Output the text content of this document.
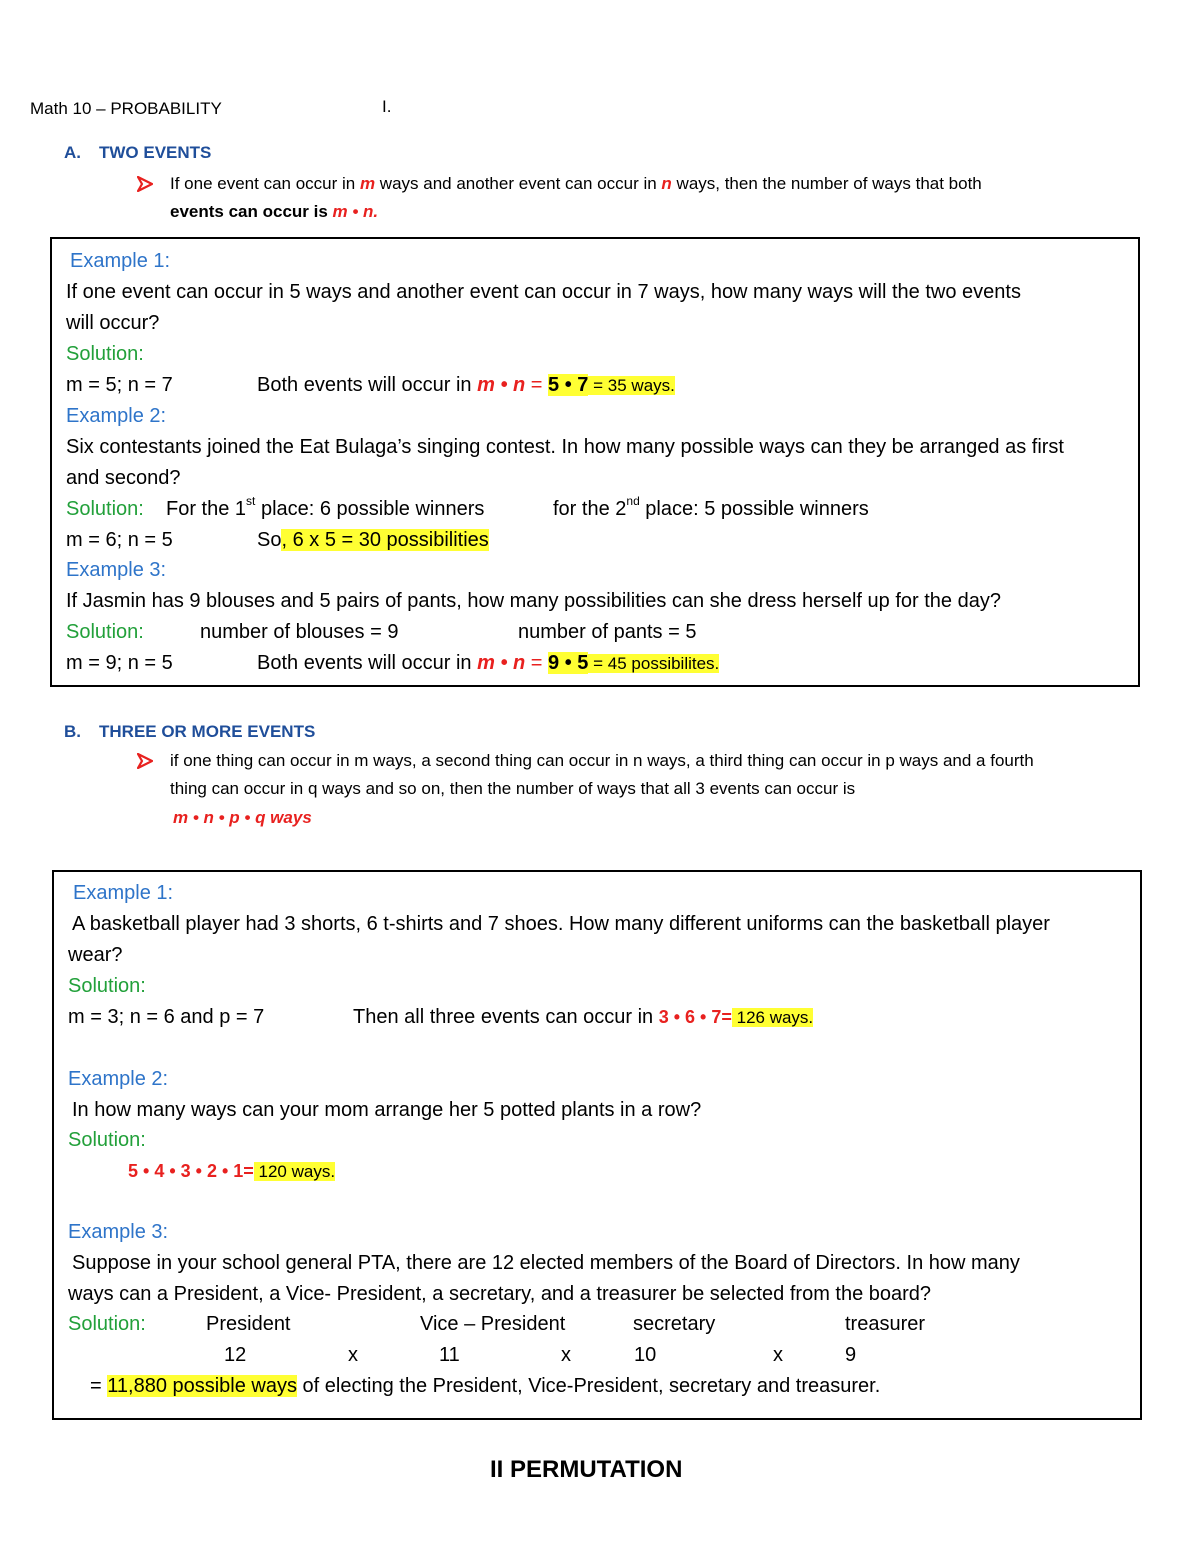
Math 10 – PROBABILITY	I.
A. TWO EVENTS
If one event can occur in m ways and another event can occur in n ways, then the number of ways that both
events can occur is m • n.
Example 1:
If one event can occur in 5 ways and another event can occur in 7 ways, how many ways will the two events
will occur?
Solution:
m = 5; n = 7	Both events will occur in m • n = 5 • 7 = 35 ways.
Example 2:
Six contestants joined the Eat Bulaga’s singing contest. In how many possible ways can they be arranged as first
and second?
Solution: For the 1st place: 6 possible winners	for the 2nd place: 5 possible winners
m = 6; n = 5	So, 6 x 5 = 30 possibilities
Example 3:
If Jasmin has 9 blouses and 5 pairs of pants, how many possibilities can she dress herself up for the day?
Solution:	number of blouses = 9	number of pants = 5
m = 9; n = 5	Both events will occur in m • n = 9 • 5 = 45 possibilites.
B. THREE OR MORE EVENTS
if one thing can occur in m ways, a second thing can occur in n ways, a third thing can occur in p ways and a fourth
thing can occur in q ways and so on, then the number of ways that all 3 events can occur is
m • n • p • q ways
Example 1:
A basketball player had 3 shorts, 6 t-shirts and 7 shoes. How many different uniforms can the basketball player
wear?
Solution:
m = 3; n = 6 and p = 7	Then all three events can occur in 3 • 6 • 7= 126 ways.
Example 2:
In how many ways can your mom arrange her 5 potted plants in a row?
Solution:
5 • 4 • 3 • 2 • 1= 120 ways.
Example 3:
Suppose in your school general PTA, there are 12 elected members of the Board of Directors. In how many
ways can a President, a Vice- President, a secretary, and a treasurer be selected from the board?
Solution:	President	Vice – President	secretary	treasurer
12	x	11	x	10	x	9
= 11,880 possible ways of electing the President, Vice-President, secretary and treasurer.
II PERMUTATION
